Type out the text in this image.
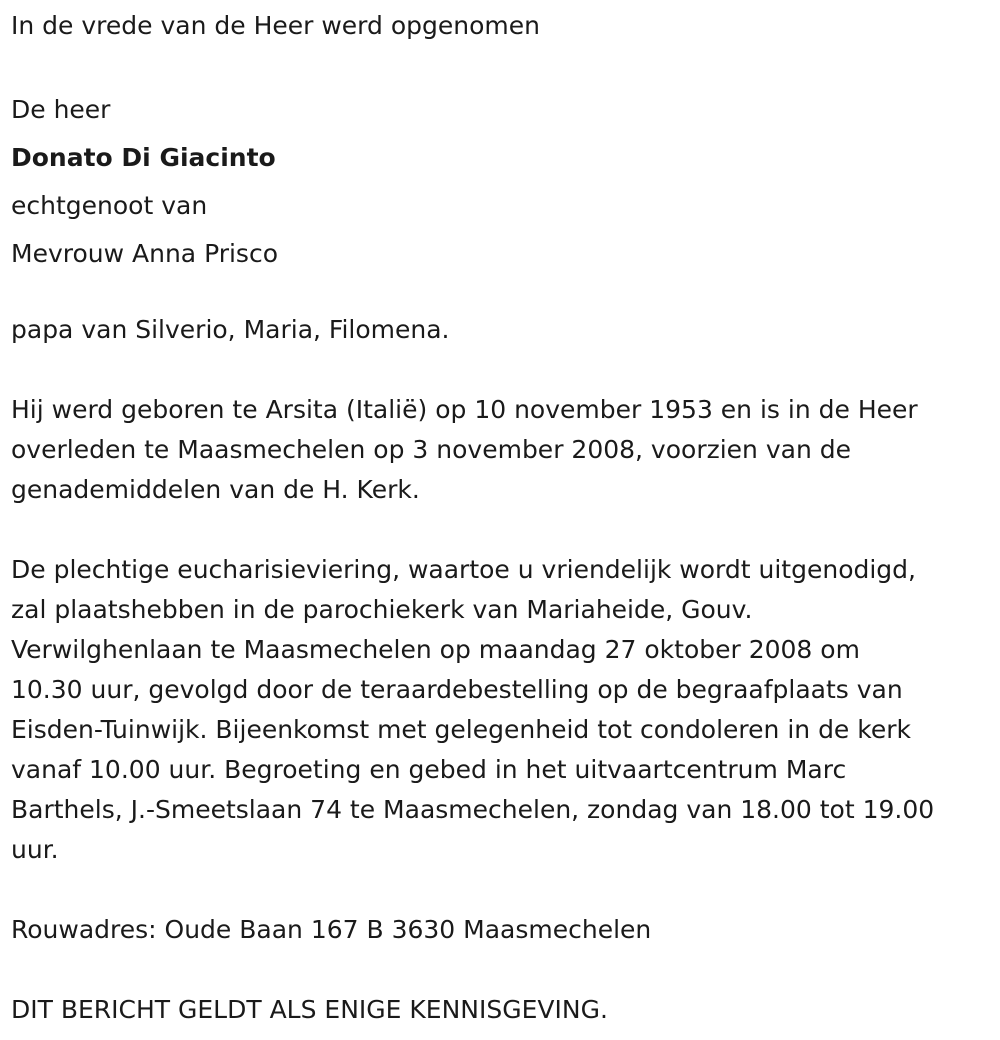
In de vrede van de Heer werd opgenomen

De heer

Donato Di Giacinto

echtgenoot van

Mevrouw Anna Prisco

papa van Silverio, Maria, Filomena.

Hij werd geboren te Arsita (Italië) op 10 november 1953 en is in de Heer

overleden te Maasmechelen op 3 november 2008, voorzien van de

genademiddelen van de H. Kerk.

De plechtige eucharisieviering, waartoe u vriendelijk wordt uitgenodigd,

zal plaatshebben in de parochiekerk van Mariaheide, Gouv.

Verwilghenlaan te Maasmechelen op maandag 27 oktober 2008 om

10.30 uur, gevolgd door de teraardebestelling op de begraafplaats van

Eisden-Tuinwijk. Bijeenkomst met gelegenheid tot condoleren in de kerk

vanaf 10.00 uur. Begroeting en gebed in het uitvaartcentrum Marc

Barthels, J.-Smeetslaan 74 te Maasmechelen, zondag van 18.00 tot 19.00

uur.

Rouwadres: Oude Baan 167 B 3630 Maasmechelen

DIT BERICHT GELDT ALS ENIGE KENNISGEVING.
